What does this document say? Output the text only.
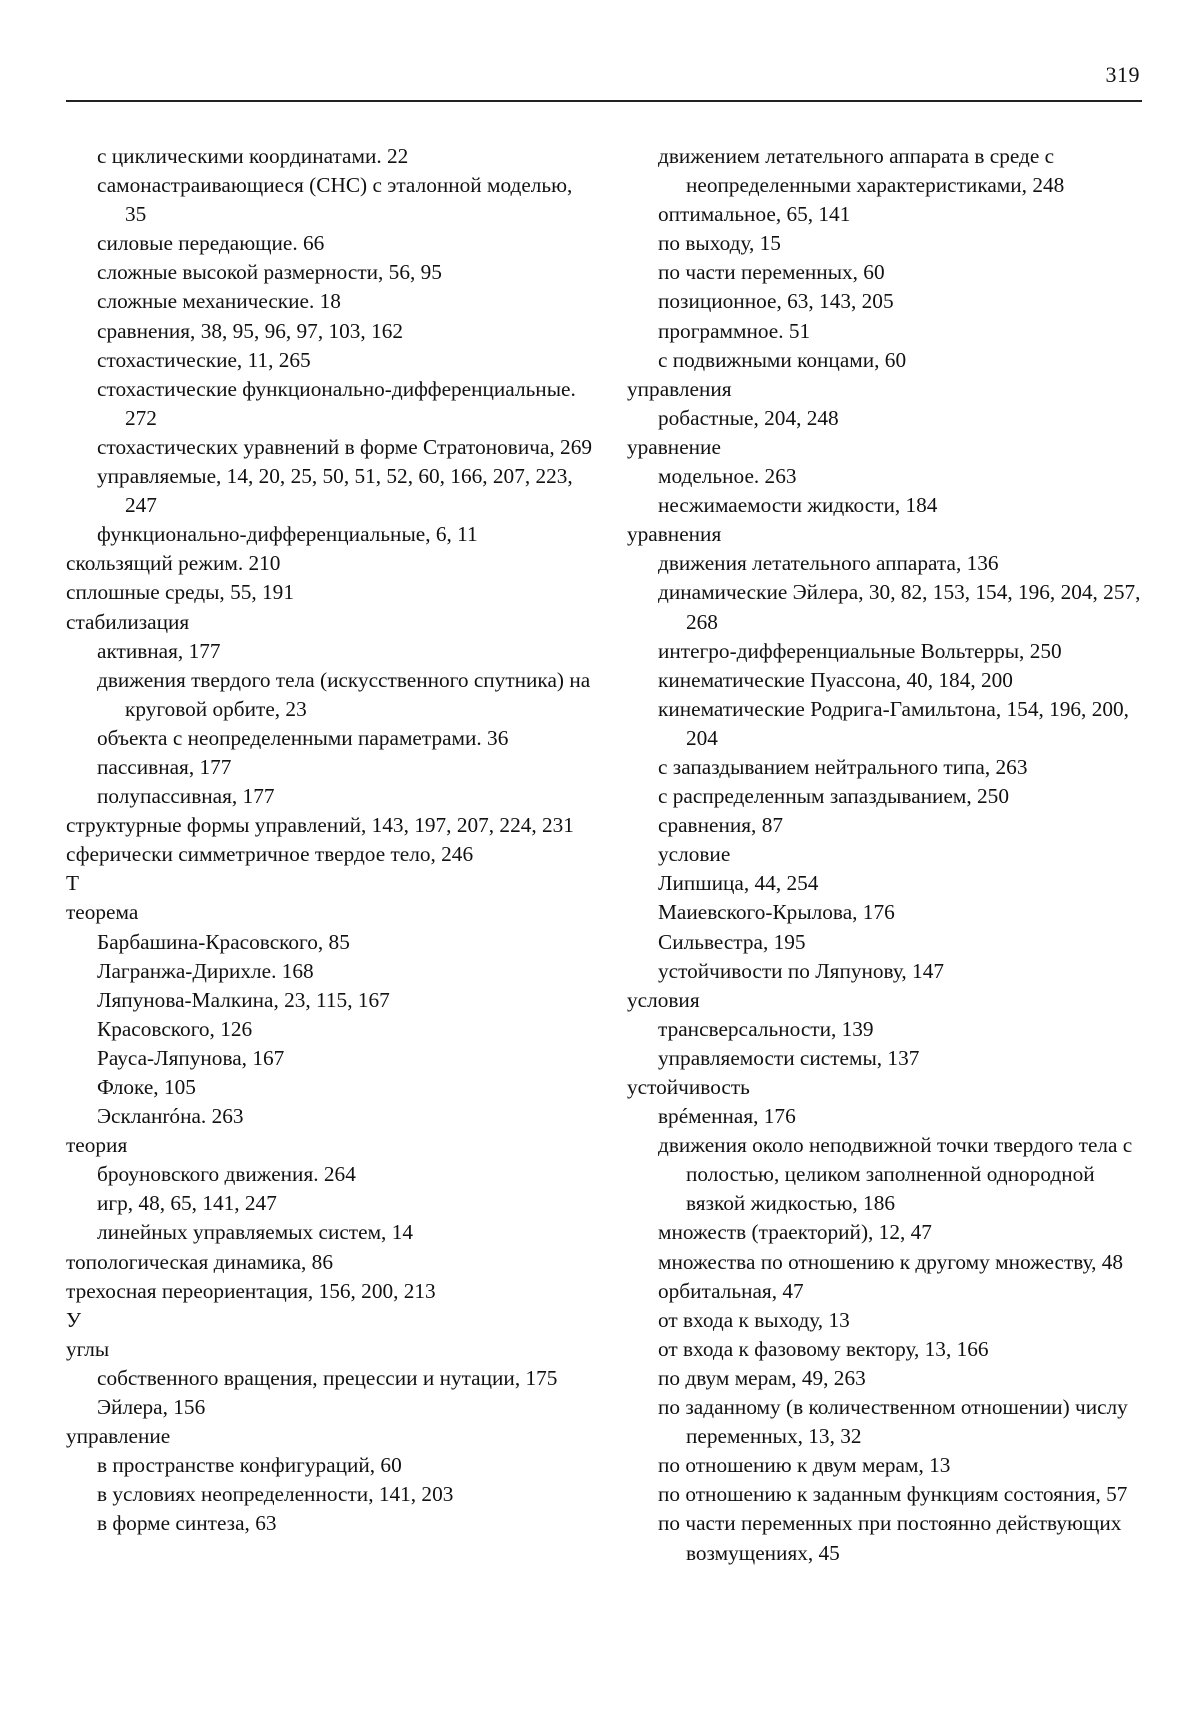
319

с циклическими координатами. 22

самонастраивающиеся (СНС) с эталонной моделью, 35

силовые передающие. 66

сложные высокой размерности, 56, 95

сложные механические. 18

сравнения, 38, 95, 96, 97, 103, 162

стохастические, 11, 265

стохастические функционально-дифференциальные. 272

стохастических уравнений в форме Стратоновича, 269

управляемые, 14, 20, 25, 50, 51, 52, 60, 166, 207, 223, 247

функционально-дифференциальные, 6, 11

скользящий режим. 210

сплошные среды, 55, 191

стабилизация

активная, 177

движения твердого тела (искусственного спутника) на круговой орбите, 23

объекта с неопределенными параметрами. 36

пассивная, 177

полупассивная, 177

структурные формы управлений, 143, 197, 207, 224, 231

сферически симметричное твердое тело, 246

Т

теорема

Барбашина-Красовского, 85

Лагранжа-Дирихле. 168

Ляпунова-Малкина, 23, 115, 167

Красовского, 126

Рауса-Ляпунова, 167

Флоке, 105

Эскланróна. 263

теория

броуновского движения. 264

игр, 48, 65, 141, 247

линейных управляемых систем, 14

топологическая динамика, 86

трехосная переориентация, 156, 200, 213

У

углы

собственного вращения, прецессии и нутации, 175

Эйлера, 156

управление

в пространстве конфигураций, 60

в условиях неопределенности, 141, 203

в форме синтеза, 63

движением летательного аппарата в среде с неопределенными характеристиками, 248

оптимальное, 65, 141

по выходу, 15

по части переменных, 60

позиционное, 63, 143, 205

программное. 51

с подвижными концами, 60

управления

робастные, 204, 248

уравнение

модельное. 263

несжимаемости жидкости, 184

уравнения

движения летательного аппарата, 136

динамические Эйлера, 30, 82, 153, 154, 196, 204, 257, 268

интегро-дифференциальные Вольтерры, 250

кинематические Пуассона, 40, 184, 200

кинематические Родрига-Гамильтона, 154, 196, 200, 204

с запаздыванием нейтрального типа, 263

с распределенным запаздыванием, 250

сравнения, 87

условие

Липшица, 44, 254

Маиевского-Крылова, 176

Сильвестра, 195

устойчивости по Ляпунову, 147

условия

трансверсальности, 139

управляемости системы, 137

устойчивость

врéменная, 176

движения около неподвижной точки твердого тела с полостью, целиком заполненной однородной вязкой жидкостью, 186

множеств (траекторий), 12, 47

множества по отношению к другому множеству, 48

орбитальная, 47

от входа к выходу, 13

от входа к фазовому вектору, 13, 166

по двум мерам, 49, 263

по заданному (в количественном отношении) числу переменных, 13, 32

по отношению к двум мерам, 13

по отношению к заданным функциям состояния, 57

по части переменных при постоянно действующих возмущениях, 45
